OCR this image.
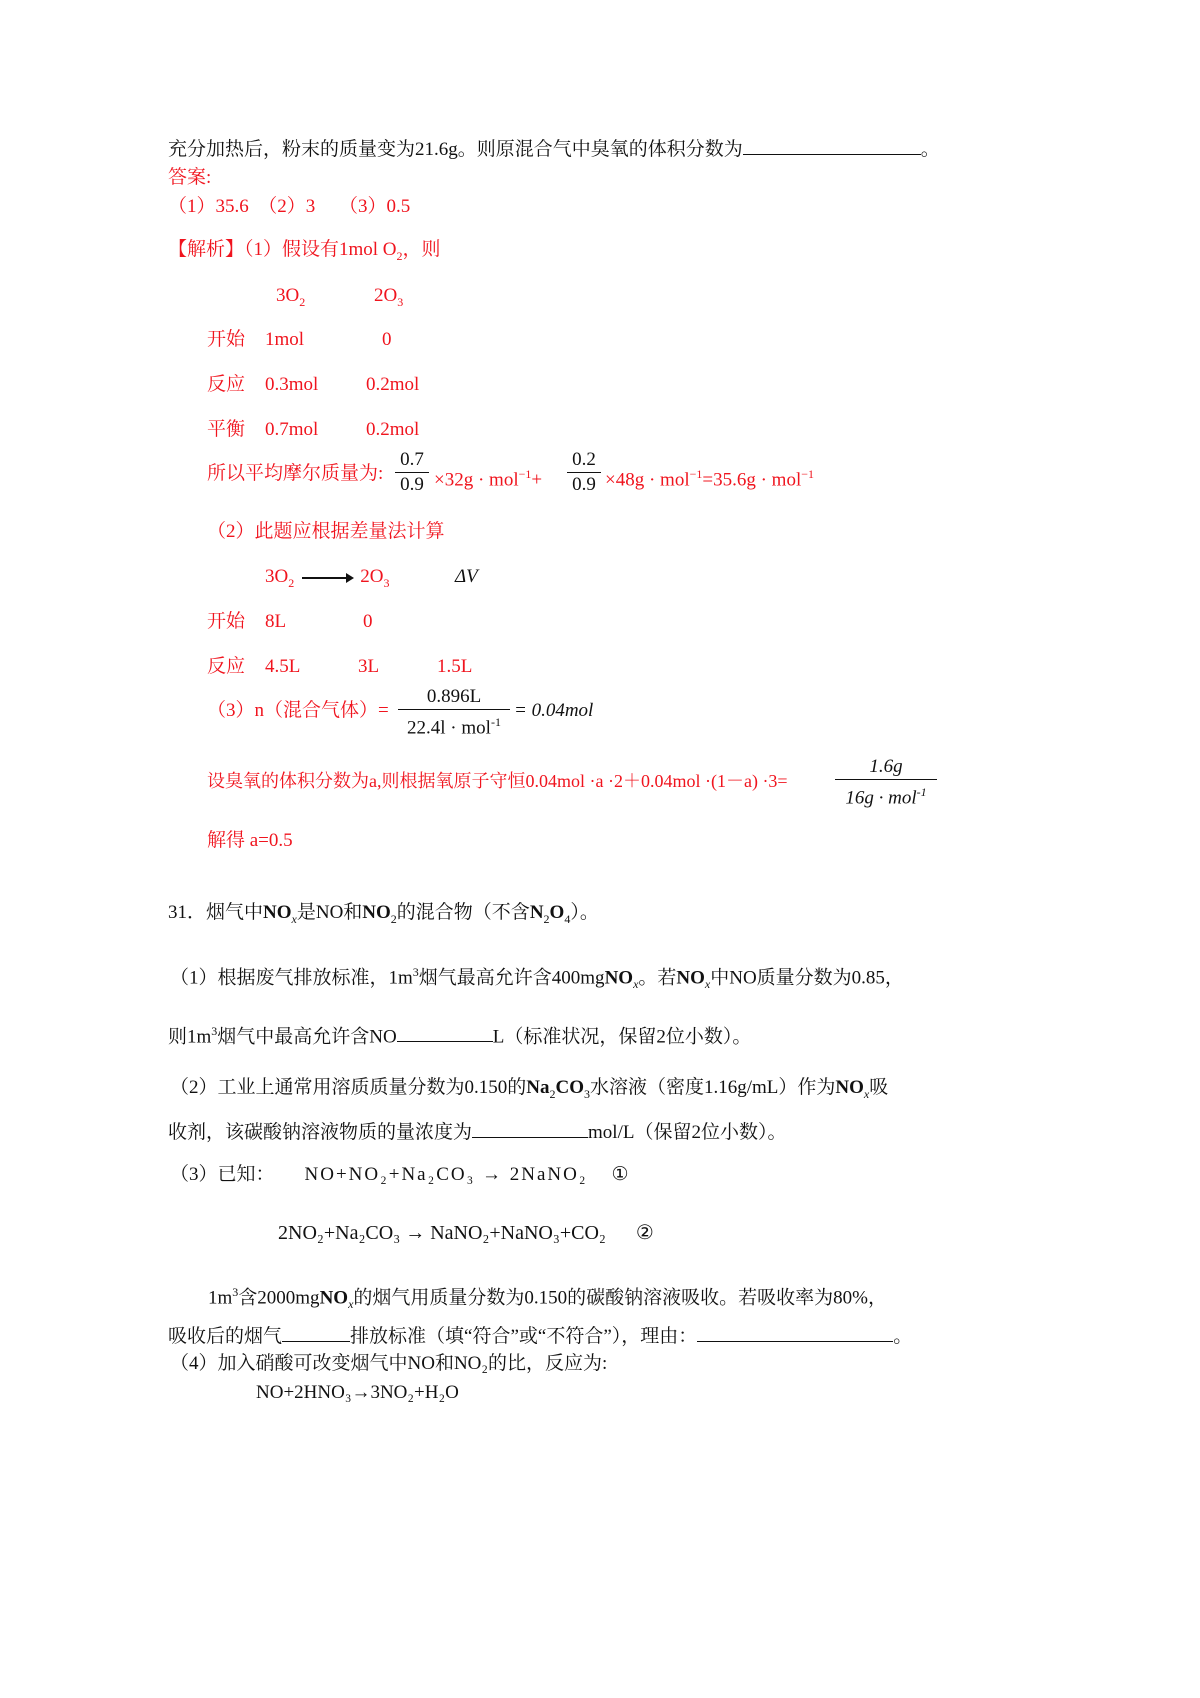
充分加热后，粉末的质量变为21.6g。则原混合气中臭氧的体积分数为	。
答案:
（1）35.6　（2）3　 （3）0.5
【解析】（1）假设有1mol $O_2$，则
$3O_2$	$2O_3$
开始 1mol	0
反应 0.3mol	0.2mol
平衡 0.7mol	0.2mol
所以平均摩尔质量为: $\frac{0.7}{0.9} \times 32g \cdot mol^{-1}+ \frac{0.2}{0.9} \times 48g \cdot mol^{-1}=35.6g \cdot mol^{-1}$
（2）此题应根据差量法计算
$3O_2$	$2O_3$	ΔV
开始 8L	0
反应 4.5L	3L	1.5L
（3）n（混合气体）=
0.896L
22.4l · mol$^{-1}$
= 0.04mol
设臭氧的体积分数为a,则根据氧原子守恒0.04mol ·a ·2＋0.04mol ·(1－a) ·3=
1.6g
16g · mol$^{-1}$
解得 a=0.5
31．烟气中$NO_x$是NO和$NO_2$的混合物（不含$N_2O_4$）。
（1）根据废气排放标准，$1m^3$烟气最高允许含400mgNO$_x$。若$NO_x$中NO质量分数为0.85，
则$1m^3$烟气中最高允许含NO	L（标准状况，保留2位小数）。
（2）工业上通常用溶质质量分数为0.150的$Na_2CO_3$水溶液（密度1.16g/mL）作为$NO_x$吸
收剂，该碳酸钠溶液物质的量浓度为	mol/L（保留2位小数）。
（3）已知： NO+NO₂+Na₂CO₃ → 2NaNO₂ ①
2NO₂+Na₂CO₃ → NaNO₂+NaNO₃+CO₂ ②
$1m^3$含2000mgNO$_x$的烟气用质量分数为0.150的碳酸钠溶液吸收。若吸收率为80%，
吸收后的烟气	排放标准（填“符合”或“不符合”），理由：	。
（4）加入硝酸可改变烟气中NO和NO₂的比，反应为:
NO+2HNO₃→3NO₂+H₂O
